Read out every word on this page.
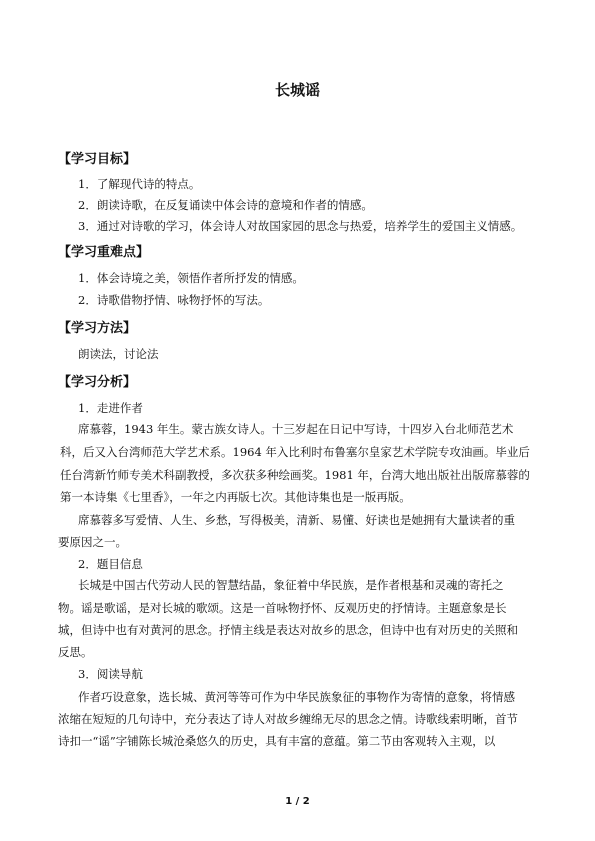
长城谣
【学习目标】
1．了解现代诗的特点。
2．朗读诗歌，在反复诵读中体会诗的意境和作者的情感。
3．通过对诗歌的学习，体会诗人对故国家园的思念与热爱，培养学生的爱国主义情感。
【学习重难点】
1．体会诗境之美，领悟作者所抒发的情感。
2．诗歌借物抒情、咏物抒怀的写法。
【学习方法】
朗读法，讨论法
【学习分析】
1．走进作者
席慕蓉，1943 年生。蒙古族女诗人。十三岁起在日记中写诗，十四岁入台北师范艺术
科，后又入台湾师范大学艺术系。1964 年入比利时布鲁塞尔皇家艺术学院专攻油画。毕业后
任台湾新竹师专美术科副教授，多次获多种绘画奖。1981 年，台湾大地出版社出版席慕蓉的
第一本诗集《七里香》，一年之内再版七次。其他诗集也是一版再版。
席慕蓉多写爱情、人生、乡愁，写得极美，清新、易懂、好读也是她拥有大量读者的重
要原因之一。
2．题目信息
长城是中国古代劳动人民的智慧结晶，象征着中华民族，是作者根基和灵魂的寄托之
物。谣是歌谣，是对长城的歌颂。这是一首咏物抒怀、反观历史的抒情诗。主题意象是长
城，但诗中也有对黄河的思念。抒情主线是表达对故乡的思念，但诗中也有对历史的关照和
反思。
3．阅读导航
作者巧设意象，选长城、黄河等等可作为中华民族象征的事物作为寄情的意象，将情感
浓缩在短短的几句诗中，充分表达了诗人对故乡缠绵无尽的思念之情。诗歌线索明晰，首节
诗扣一“谣”字铺陈长城沧桑悠久的历史，具有丰富的意蕴。第二节由客观转入主观，以
1 / 2
